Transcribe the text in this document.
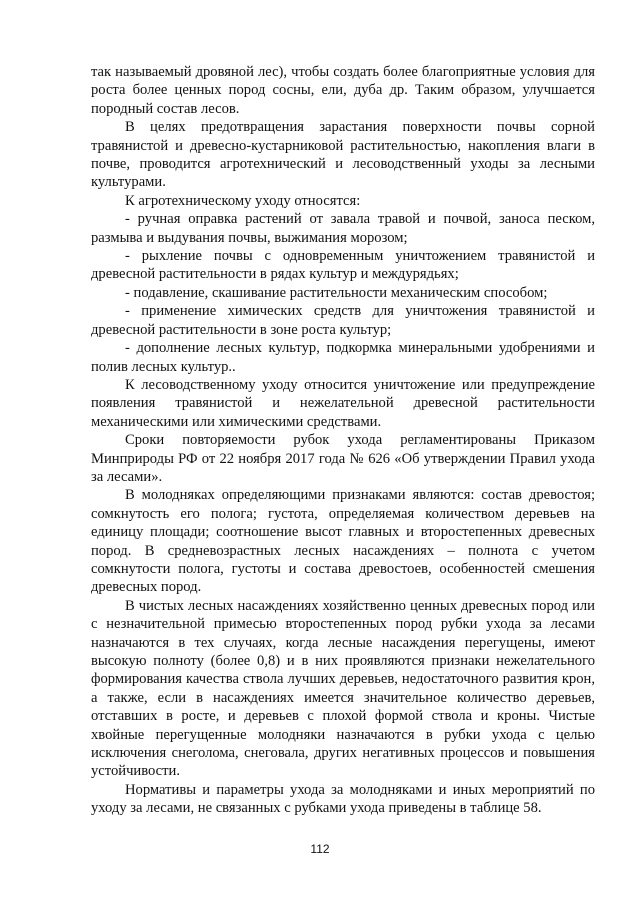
так называемый дровяной лес), чтобы создать более благоприятные условия для роста более ценных пород сосны, ели, дуба др. Таким образом, улучшается породный состав лесов.

В целях предотвращения зарастания поверхности почвы сорной травянистой и древесно-кустарниковой растительностью, накопления влаги в почве, проводится агротехнический и лесоводственный уходы за лесными культурами.

К агротехническому уходу относятся:

- ручная оправка растений от завала травой и почвой, заноса песком, размыва и выдувания почвы, выжимания морозом;

- рыхление почвы с одновременным уничтожением травянистой и древесной растительности в рядах культур и междурядьях;

- подавление, скашивание растительности механическим способом;

- применение химических средств для уничтожения травянистой и древесной растительности в зоне роста культур;

- дополнение лесных культур, подкормка минеральными удобрениями и полив лесных культур..

К лесоводственному уходу относится уничтожение или предупреждение появления травянистой и нежелательной древесной растительности механическими или химическими средствами.

Сроки повторяемости рубок ухода регламентированы Приказом Минприроды РФ от 22 ноября 2017 года № 626 «Об утверждении Правил ухода за лесами».

В молодняках определяющими признаками являются: состав древостоя; сомкнутость его полога; густота, определяемая количеством деревьев на единицу площади; соотношение высот главных и второстепенных древесных пород. В средневозрастных лесных насаждениях – полнота с учетом сомкнутости полога, густоты и состава древостоев, особенностей смешения древесных пород.

В чистых лесных насаждениях хозяйственно ценных древесных пород или с незначительной примесью второстепенных пород рубки ухода за лесами назначаются в тех случаях, когда лесные насаждения перегущены, имеют высокую полноту (более 0,8) и в них проявляются признаки нежелательного формирования качества ствола лучших деревьев, недостаточного развития крон, а также, если в насаждениях имеется значительное количество деревьев, отставших в росте, и деревьев с плохой формой ствола и кроны. Чистые хвойные перегущенные молодняки назначаются в рубки ухода с целью исключения снеголома, снеговала, других негативных процессов и повышения устойчивости.

Нормативы и параметры ухода за молодняками и иных мероприятий по уходу за лесами, не связанных с рубками ухода приведены в таблице 58.

112
